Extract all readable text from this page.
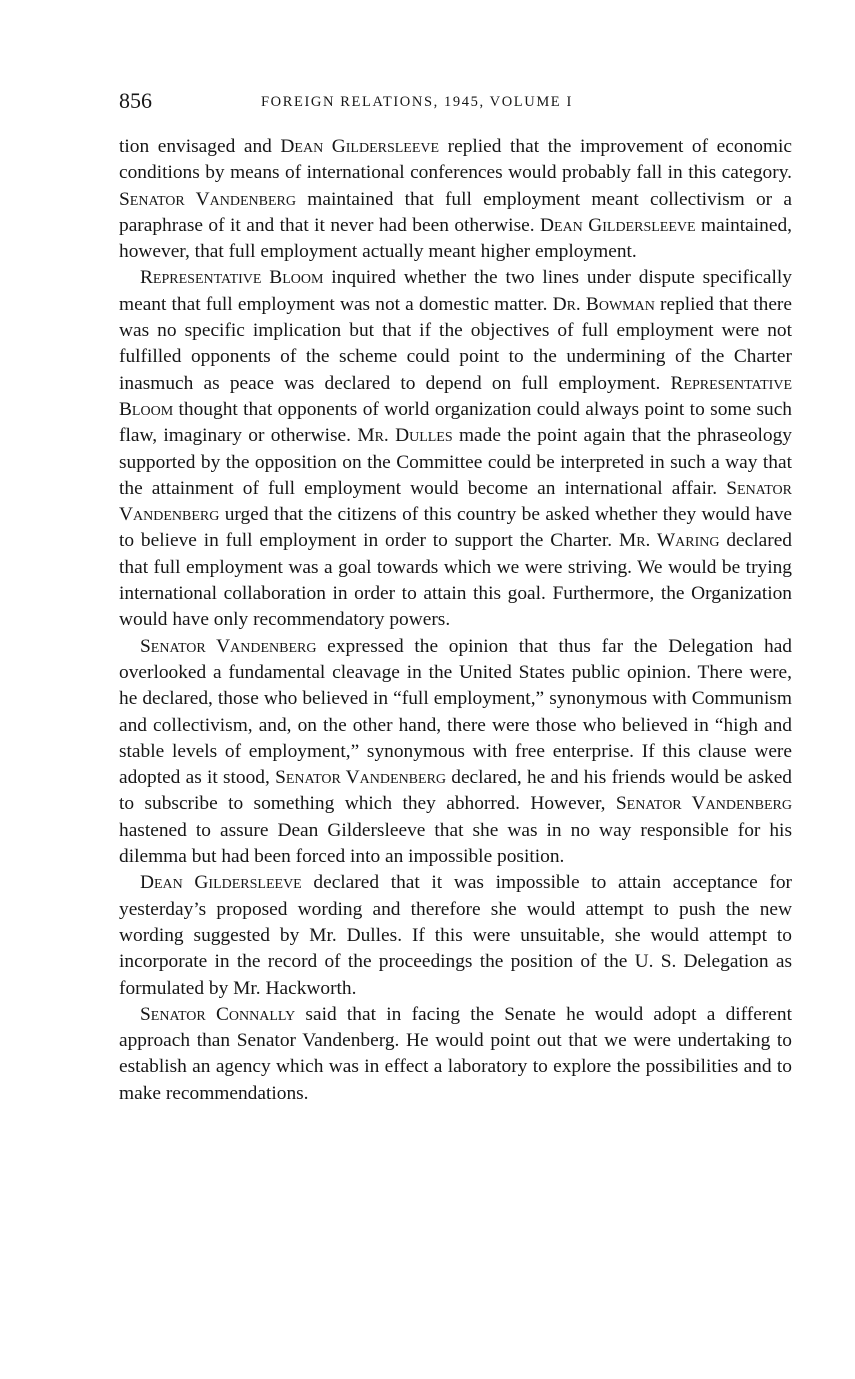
856	FOREIGN RELATIONS, 1945, VOLUME I

tion envisaged and Dean Gildersleeve replied that the improvement of economic conditions by means of international conferences would probably fall in this category. Senator Vandenberg maintained that full employment meant collectivism or a paraphrase of it and that it never had been otherwise. Dean Gildersleeve maintained, however, that full employment actually meant higher employment.

Representative Bloom inquired whether the two lines under dispute specifically meant that full employment was not a domestic matter. Dr. Bowman replied that there was no specific implication but that if the objectives of full employment were not fulfilled opponents of the scheme could point to the undermining of the Charter inasmuch as peace was declared to depend on full employment. Representative Bloom thought that opponents of world organization could always point to some such flaw, imaginary or otherwise. Mr. Dulles made the point again that the phraseology supported by the opposition on the Committee could be interpreted in such a way that the attainment of full employment would become an international affair. Senator Vandenberg urged that the citizens of this country be asked whether they would have to believe in full employment in order to support the Charter. Mr. Waring declared that full employment was a goal towards which we were striving. We would be trying international collaboration in order to attain this goal. Furthermore, the Organization would have only recommendatory powers.

Senator Vandenberg expressed the opinion that thus far the Delegation had overlooked a fundamental cleavage in the United States public opinion. There were, he declared, those who believed in “full employment,” synonymous with Communism and collectivism, and, on the other hand, there were those who believed in “high and stable levels of employment,” synonymous with free enterprise. If this clause were adopted as it stood, Senator Vandenberg declared, he and his friends would be asked to subscribe to something which they abhorred. However, Senator Vandenberg hastened to assure Dean Gildersleeve that she was in no way responsible for his dilemma but had been forced into an impossible position.

Dean Gildersleeve declared that it was impossible to attain acceptance for yesterday’s proposed wording and therefore she would attempt to push the new wording suggested by Mr. Dulles. If this were unsuitable, she would attempt to incorporate in the record of the proceedings the position of the U. S. Delegation as formulated by Mr. Hackworth.

Senator Connally said that in facing the Senate he would adopt a different approach than Senator Vandenberg. He would point out that we were undertaking to establish an agency which was in effect a laboratory to explore the possibilities and to make recommendations.
